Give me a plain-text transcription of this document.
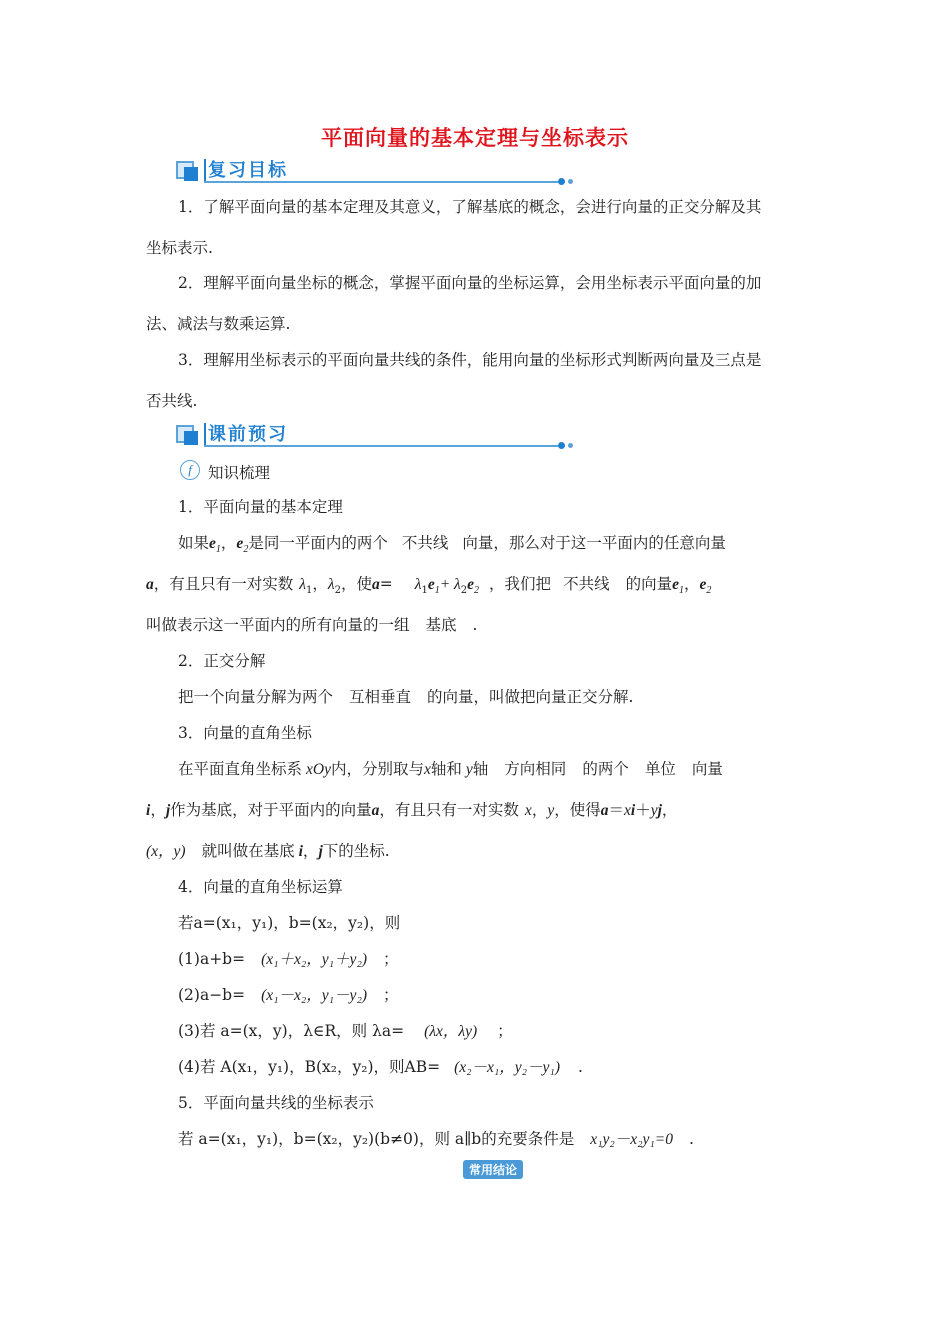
平面向量的基本定理与坐标表示
复习目标
1．了解平面向量的基本定理及其意义，了解基底的概念，会进行向量的正交分解及其
坐标表示.
2．理解平面向量坐标的概念，掌握平面向量的坐标运算，会用坐标表示平面向量的加
法、减法与数乘运算.
3．理解用坐标表示的平面向量共线的条件，能用向量的坐标形式判断两向量及三点是
否共线.
课前预习
f	知识梳理
1．平面向量的基本定理
如果$e_1$，$e_2$是同一平面内的两个 不共线 向量，那么对于这一平面内的任意向量
a，有且只有一对实数 $\lambda_1$，$\lambda_2$，使$a= \lambda_1e_1+ \lambda_2e_2$ ，我们把 不共线 的向量$e_1$，$e_2$
叫做表示这一平面内的所有向量的一组 基底 .
2．正交分解
把一个向量分解为两个 互相垂直 的向量，叫做把向量正交分解.
3．向量的直角坐标
在平面直角坐标系 xOy内，分别取与x轴和 y轴 方向相同 的两个 单位 向量
i，j作为基底，对于平面内的向量a，有且只有一对实数 x，y，使得a＝xi＋yj，
(x，y) 就叫做在基底 i，j下的坐标.
4．向量的直角坐标运算
若a=(x₁，y₁)，b=(x₂，y₂)，则
(1)a+b= (x₁＋x₂，y₁＋y₂) ；
(2)a−b= (x₁－x₂，y₁－y₂) ；
(3)若 a=(x，y)，λ∈R，则 λa= (λx，λy) ；
(4)若 A(x₁，y₁)，B(x₂，y₂)，则AB= (x₂－x₁，y₂－y₁) .
5．平面向量共线的坐标表示
若 a=(x₁，y₁)，b=(x₂，y₂)(b≠0)，则 a∥b的充要条件是 x₁y₂－x₂y₁=0 .
常用结论
